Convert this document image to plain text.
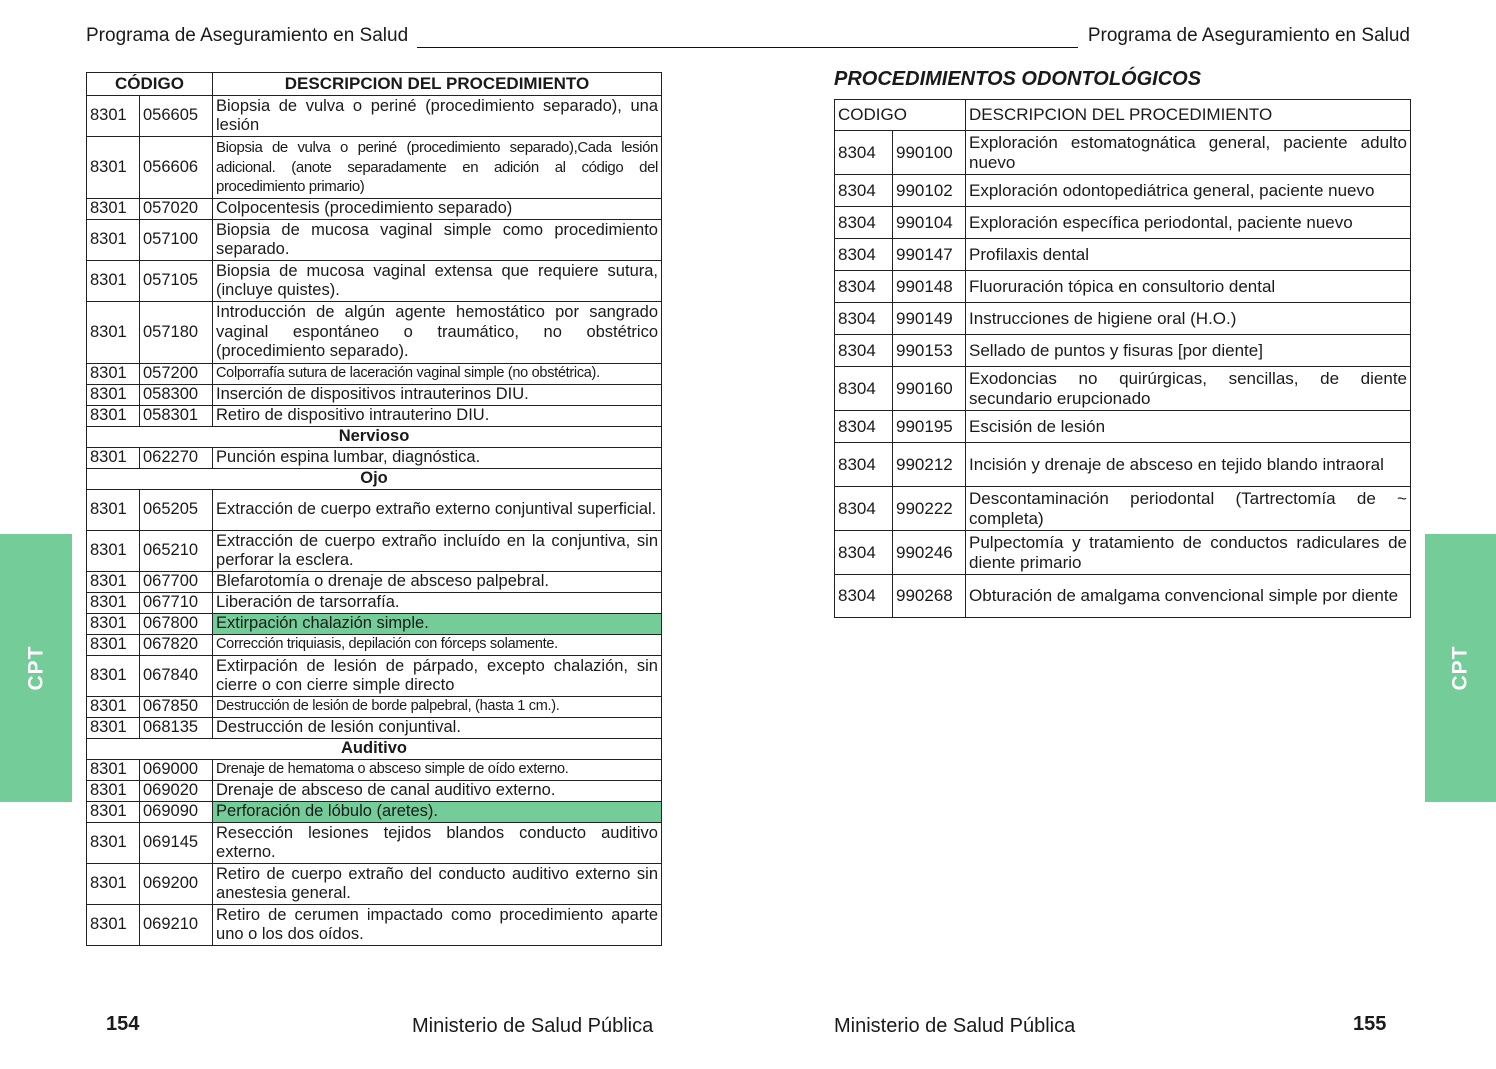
Programa de Aseguramiento en Salud	Programa de Aseguramiento en Salud
CPT	CPT
CÓDIGO		DESCRIPCION DEL PROCEDIMIENTO
8301	056605	Biopsia de vulva o periné (procedimiento separado), una lesión
8301	056606	Biopsia de vulva o periné (procedimiento separado),Cada lesión adicional. (anote separadamente en adición al código del procedimiento primario)
8301	057020	Colpocentesis (procedimiento separado)
8301	057100	Biopsia de mucosa vaginal simple como procedimiento separado.
8301	057105	Biopsia de mucosa vaginal extensa que requiere sutura, (incluye quistes).
8301	057180	Introducción de algún agente hemostático por sangrado vaginal espontáneo o traumático, no obstétrico (procedimiento separado).
8301	057200	Colporrafía sutura de laceración vaginal simple (no obstétrica).
8301	058300	Inserción de dispositivos intrauterinos DIU.
8301	058301	Retiro de dispositivo intrauterino DIU.
Nervioso		
8301	062270	Punción espina lumbar, diagnóstica.
Ojo		
8301	065205	Extracción de cuerpo extraño externo conjuntival superficial.
8301	065210	Extracción de cuerpo extraño incluído en la conjuntiva, sin perforar la esclera.
8301	067700	Blefarotomía o drenaje de absceso palpebral.
8301	067710	Liberación de tarsorrafía.
8301	067800	Extirpación chalazión simple.
8301	067820	Corrección triquiasis, depilación con fórceps solamente.
8301	067840	Extirpación de lesión de párpado, excepto chalazión, sin cierre o con cierre simple directo
8301	067850	Destrucción de lesión de borde palpebral, (hasta 1 cm.).
8301	068135	Destrucción de lesión conjuntival.
Auditivo		
8301	069000	Drenaje de hematoma o absceso simple de oído externo.
8301	069020	Drenaje de absceso de canal auditivo externo.
8301	069090	Perforación de lóbulo (aretes).
8301	069145	Resección lesiones tejidos blandos conducto auditivo externo.
8301	069200	Retiro de cuerpo extraño del conducto auditivo externo sin anestesia general.
8301	069210	Retiro de cerumen impactado como procedimiento aparte uno o los dos oídos.
PROCEDIMIENTOS ODONTOLÓGICOS
CODIGO		DESCRIPCION DEL PROCEDIMIENTO
8304	990100	Exploración estomatognática general, paciente adulto nuevo
8304	990102	Exploración odontopediátrica general, paciente nuevo
8304	990104	Exploración específica periodontal, paciente nuevo
8304	990147	Profilaxis dental
8304	990148	Fluoruración tópica en consultorio dental
8304	990149	Instrucciones de higiene oral (H.O.)
8304	990153	Sellado de puntos y fisuras [por diente]
8304	990160	Exodoncias no quirúrgicas, sencillas, de diente secundario erupcionado
8304	990195	Escisión de lesión
8304	990212	Incisión y drenaje de absceso en tejido blando intraoral
8304	990222	Descontaminación periodontal (Tartrectomía de ~ completa)
8304	990246	Pulpectomía y tratamiento de conductos radiculares de diente primario
8304	990268	Obturación de amalgama convencional simple por diente
154	Ministerio de Salud Pública	Ministerio de Salud Pública	155
